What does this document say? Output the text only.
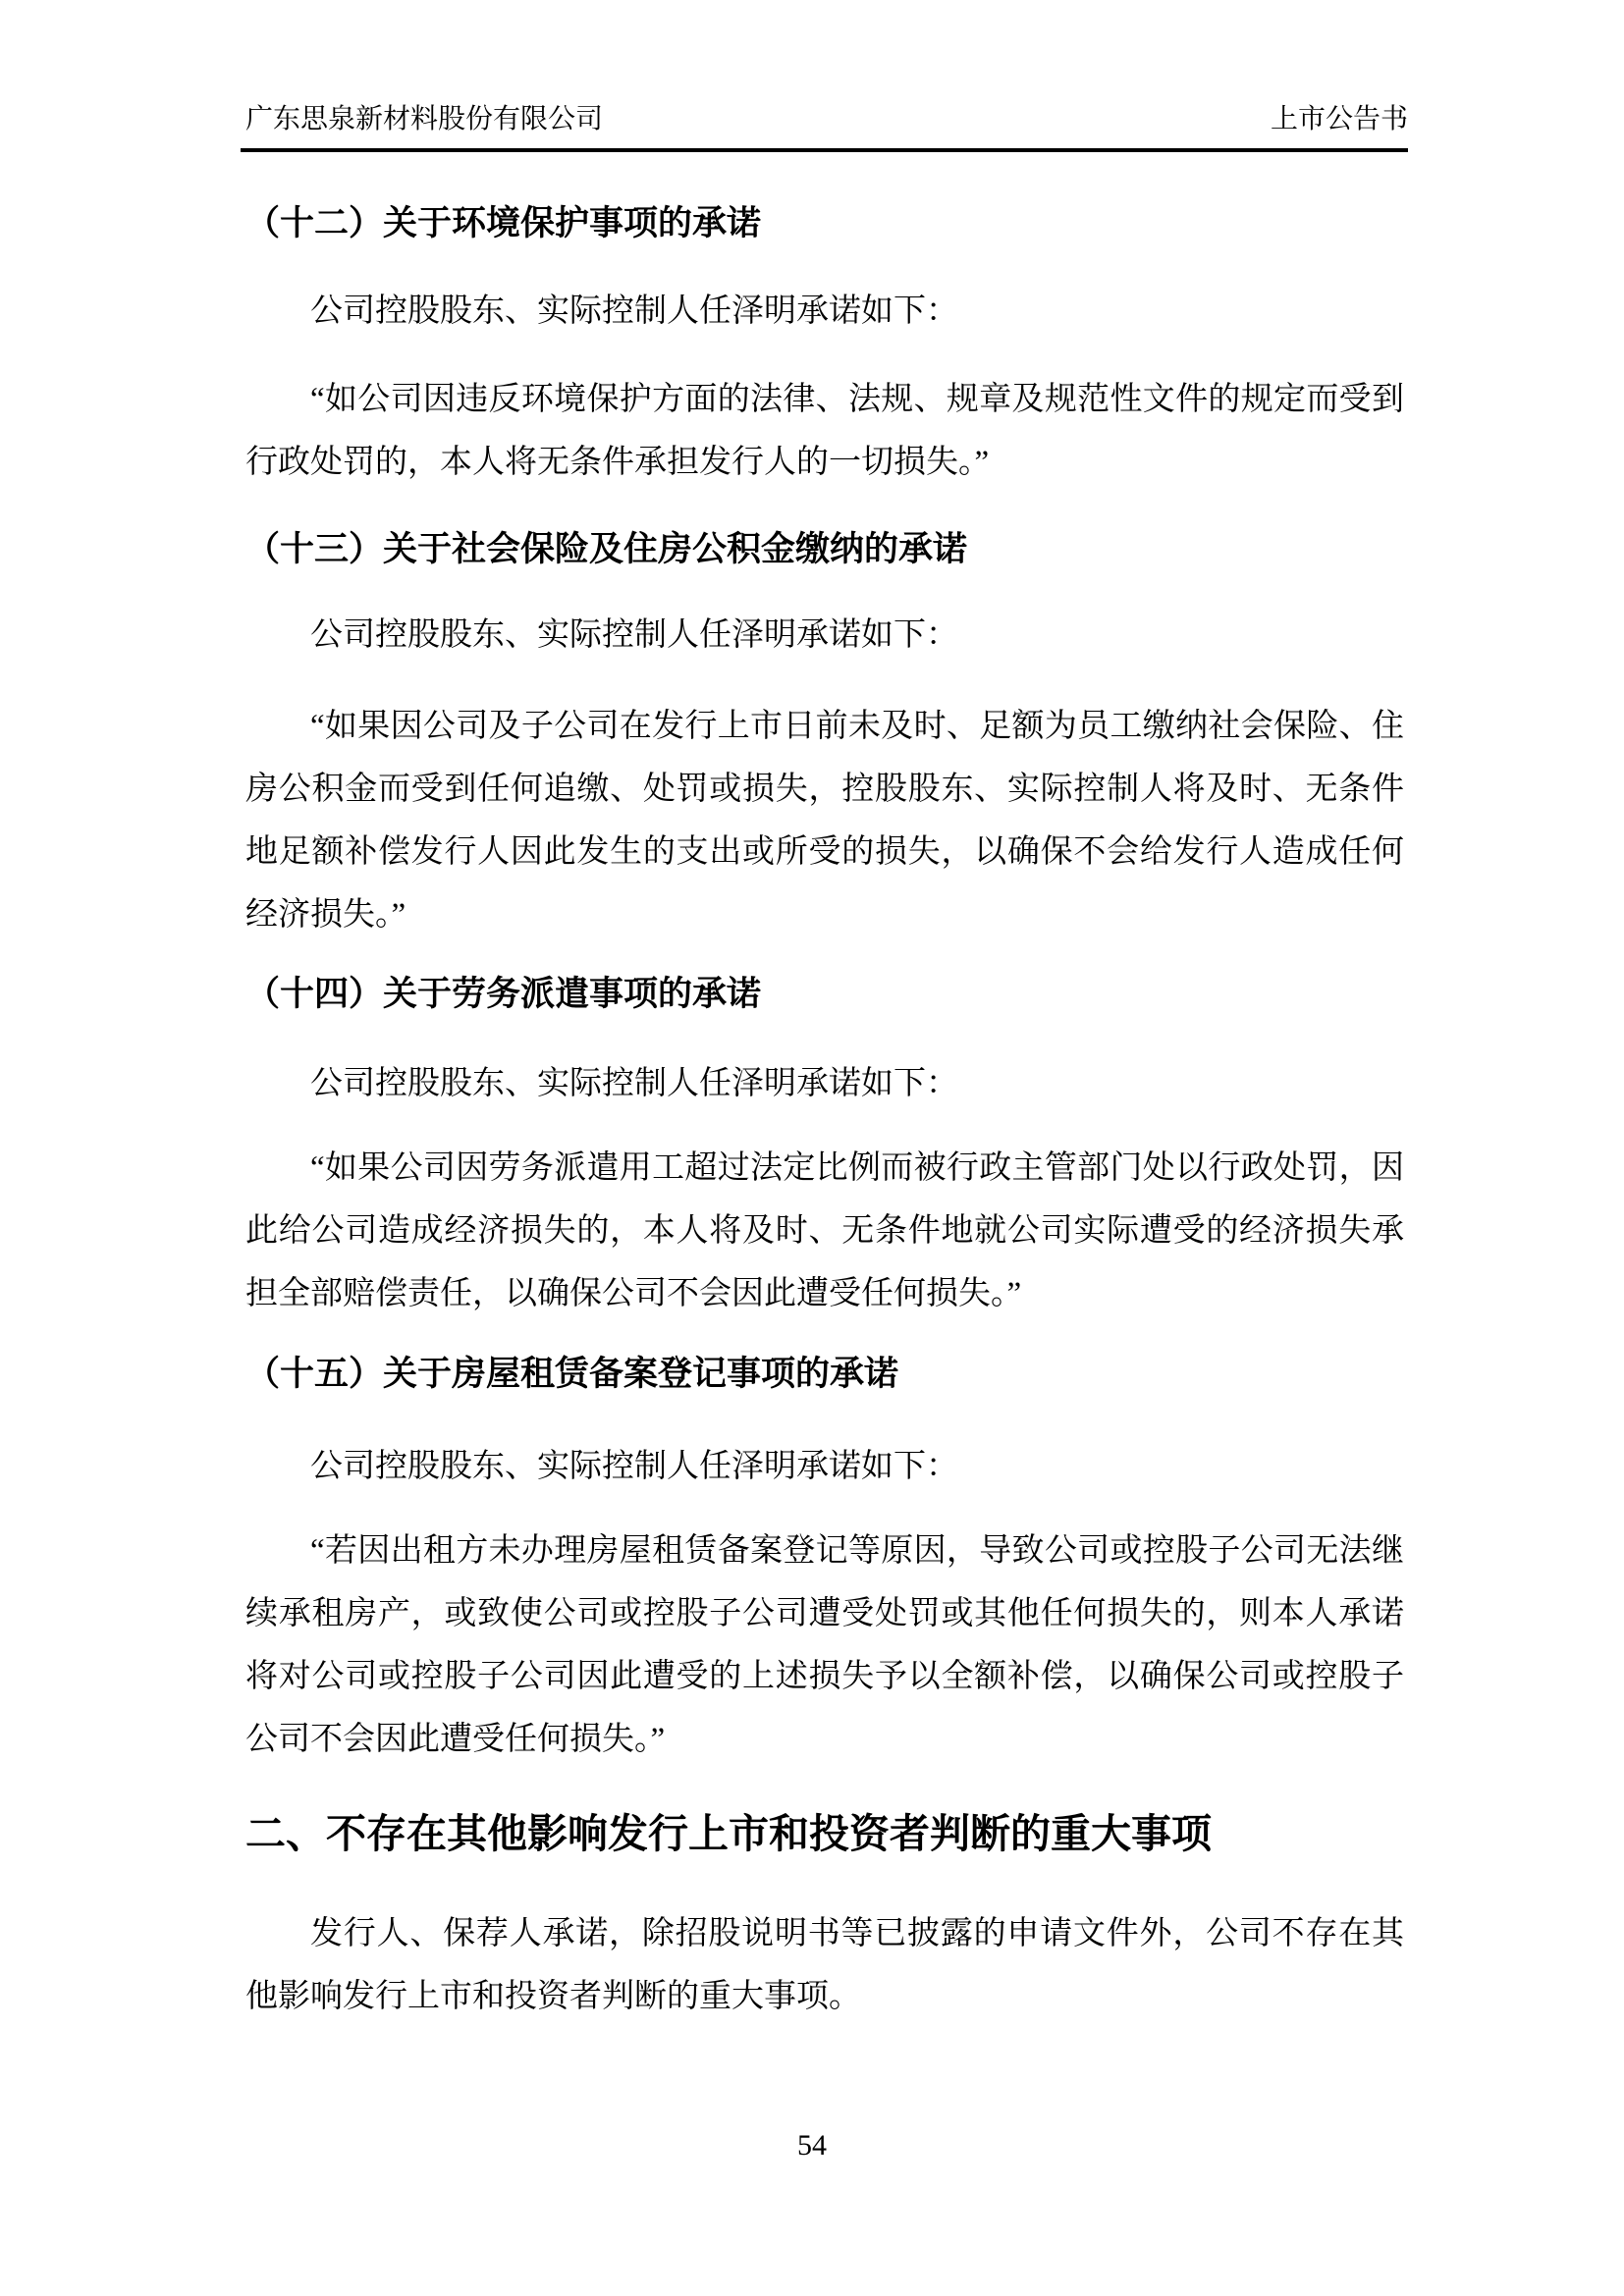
广东思泉新材料股份有限公司	上市公告书
（十二）关于环境保护事项的承诺
公司控股股东、实际控制人任泽明承诺如下：
“如公司因违反环境保护方面的法律、法规、规章及规范性文件的规定而受到行政处罚的，本人将无条件承担发行人的一切损失。”
（十三）关于社会保险及住房公积金缴纳的承诺
公司控股股东、实际控制人任泽明承诺如下：
“如果因公司及子公司在发行上市日前未及时、足额为员工缴纳社会保险、住房公积金而受到任何追缴、处罚或损失，控股股东、实际控制人将及时、无条件地足额补偿发行人因此发生的支出或所受的损失，以确保不会给发行人造成任何经济损失。”
（十四）关于劳务派遣事项的承诺
公司控股股东、实际控制人任泽明承诺如下：
“如果公司因劳务派遣用工超过法定比例而被行政主管部门处以行政处罚，因此给公司造成经济损失的，本人将及时、无条件地就公司实际遭受的经济损失承担全部赔偿责任，以确保公司不会因此遭受任何损失。”
（十五）关于房屋租赁备案登记事项的承诺
公司控股股东、实际控制人任泽明承诺如下：
“若因出租方未办理房屋租赁备案登记等原因，导致公司或控股子公司无法继续承租房产，或致使公司或控股子公司遭受处罚或其他任何损失的，则本人承诺将对公司或控股子公司因此遭受的上述损失予以全额补偿，以确保公司或控股子公司不会因此遭受任何损失。”
二、不存在其他影响发行上市和投资者判断的重大事项
发行人、保荐人承诺，除招股说明书等已披露的申请文件外，公司不存在其他影响发行上市和投资者判断的重大事项。
54
